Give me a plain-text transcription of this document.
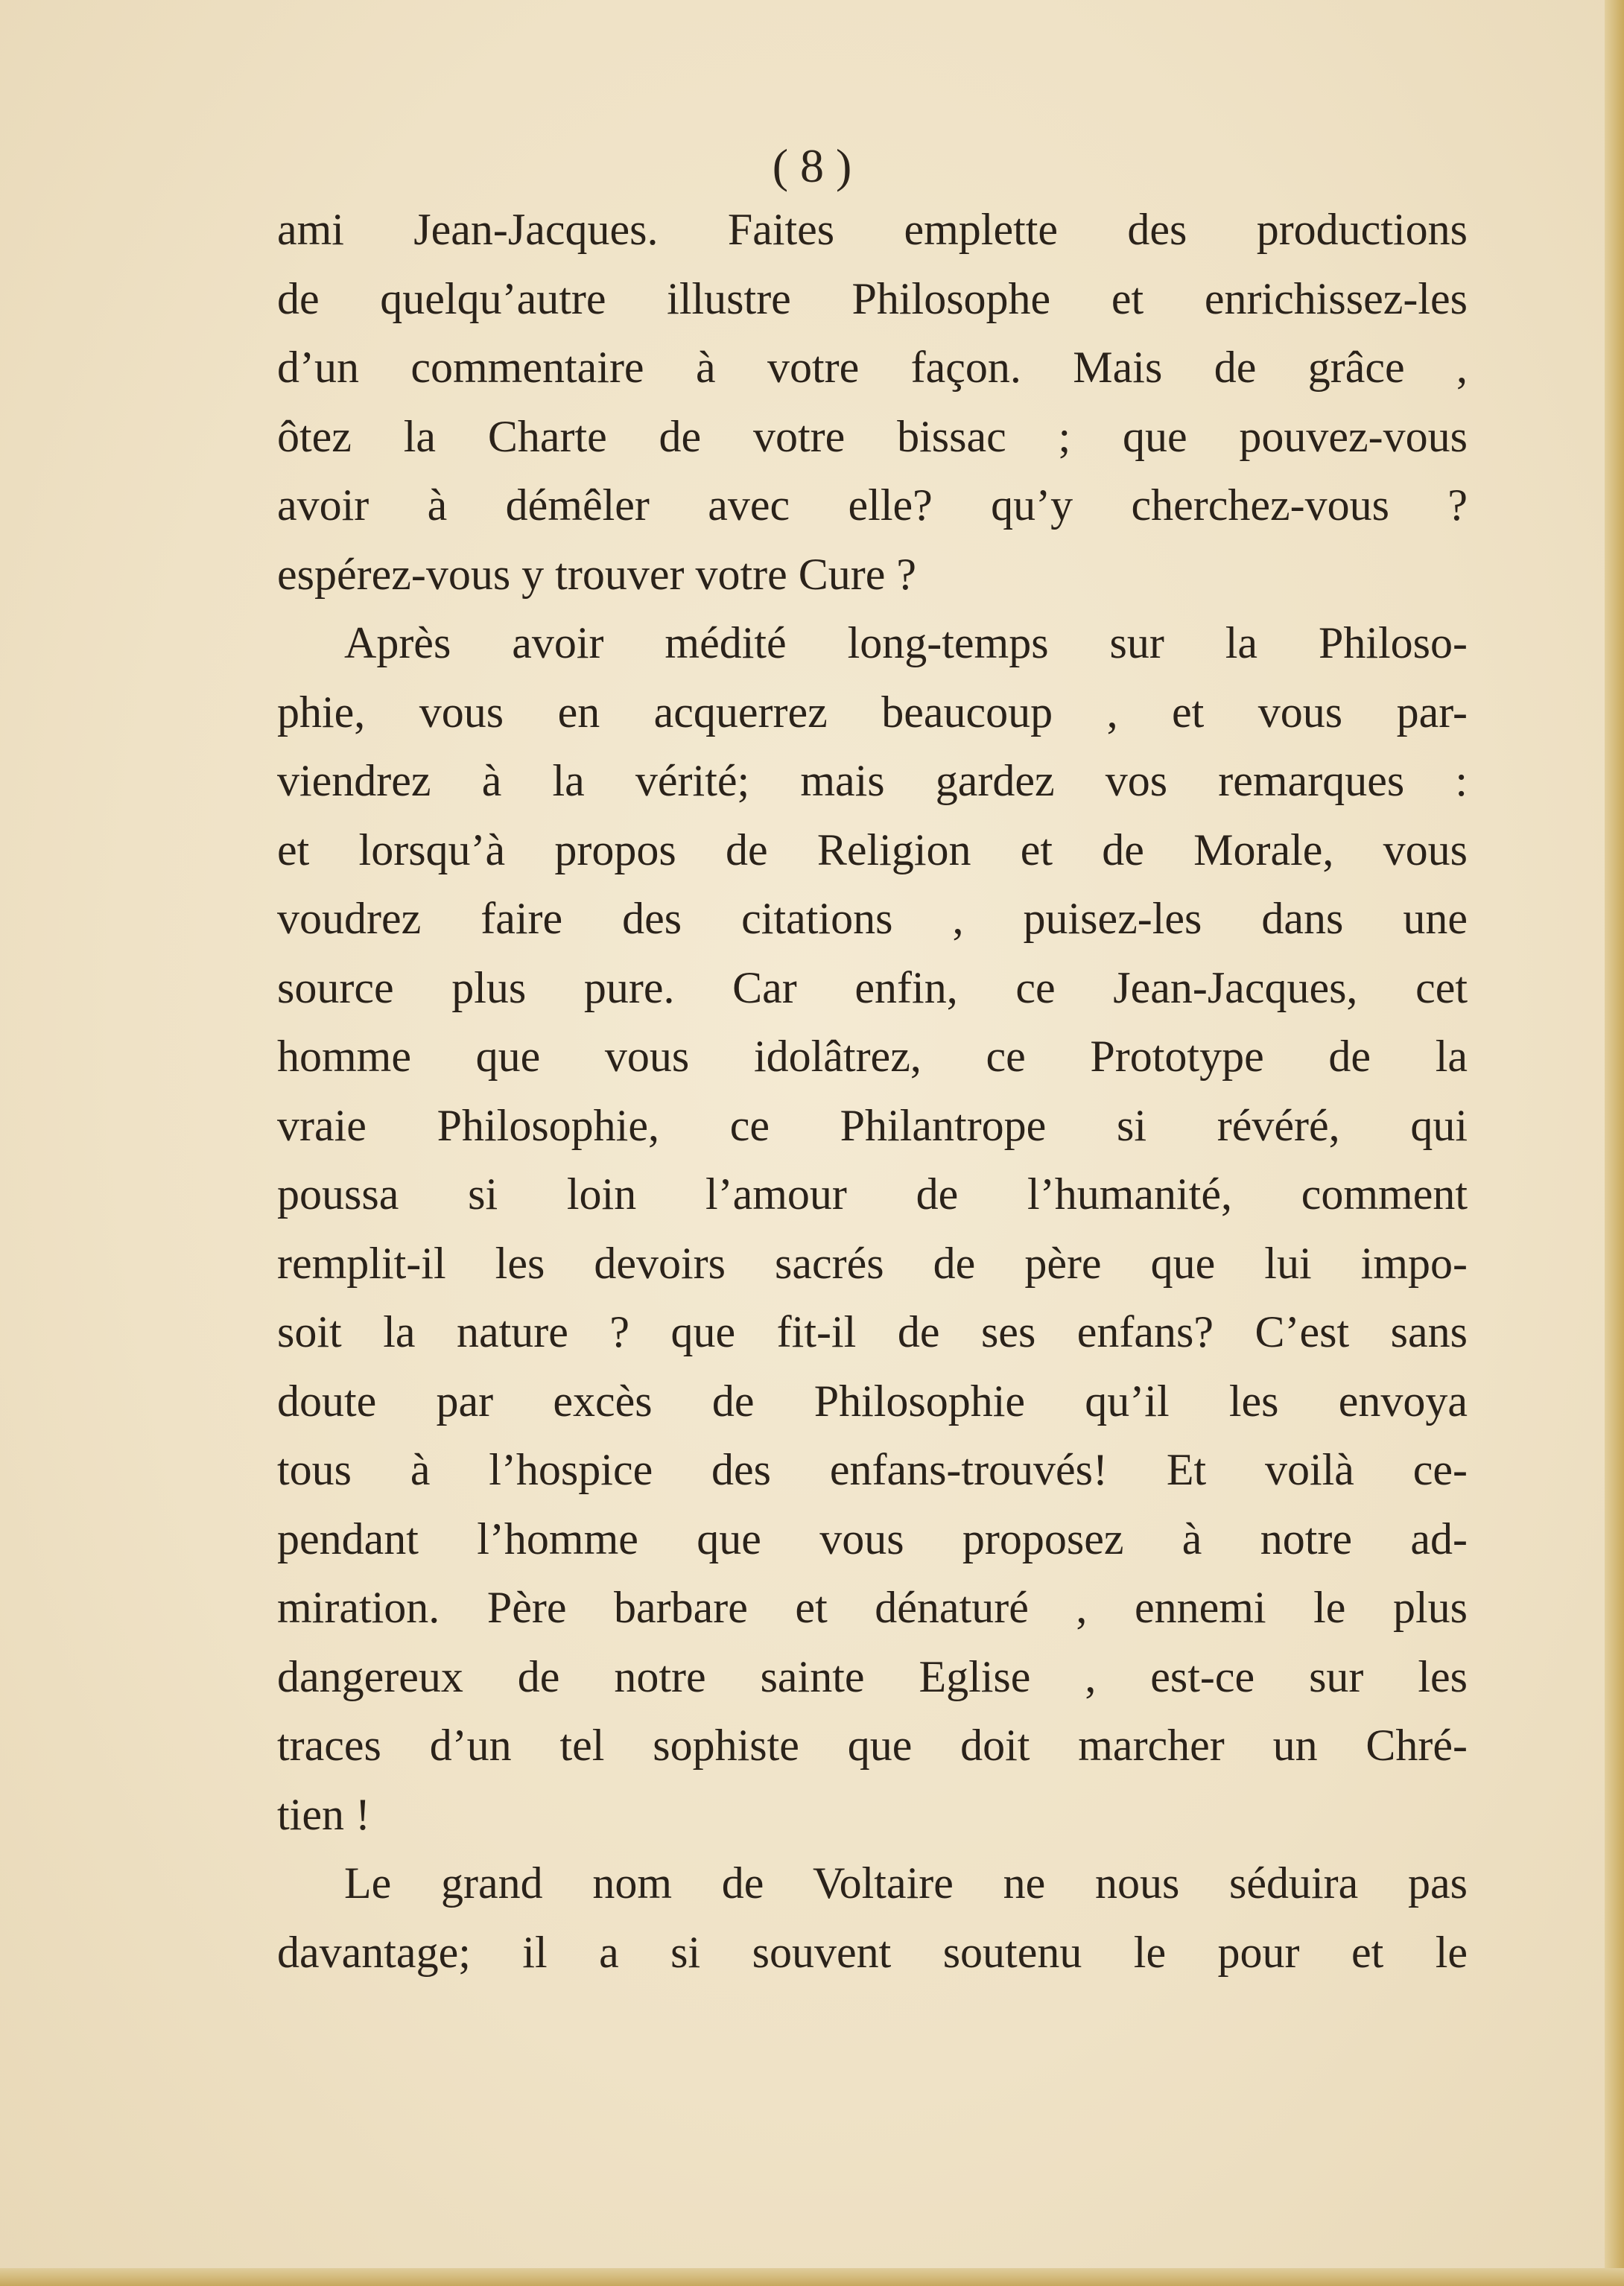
( 8 )
ami Jean-Jacques. Faites emplette des productions
de quelqu’autre illustre Philosophe et enrichissez-les
d’un commentaire à votre façon. Mais de grâce ,
ôtez la Charte de votre bissac ; que pouvez-vous
avoir à démêler avec elle? qu’y cherchez-vous ?
espérez-vous y trouver votre Cure ?
Après avoir médité long-temps sur la Philoso-
phie, vous en acquerrez beaucoup , et vous par-
viendrez à la vérité; mais gardez vos remarques :
et lorsqu’à propos de Religion et de Morale, vous
voudrez faire des citations , puisez-les dans une
source plus pure. Car enfin, ce Jean-Jacques, cet
homme que vous idolâtrez, ce Prototype de la
vraie Philosophie, ce Philantrope si révéré, qui
poussa si loin l’amour de l’humanité, comment
remplit-il les devoirs sacrés de père que lui impo-
soit la nature ? que fit-il de ses enfans? C’est sans
doute par excès de Philosophie qu’il les envoya
tous à l’hospice des enfans-trouvés! Et voilà ce-
pendant l’homme que vous proposez à notre ad-
miration. Père barbare et dénaturé , ennemi le plus
dangereux de notre sainte Eglise , est-ce sur les
traces d’un tel sophiste que doit marcher un Chré-
tien !
Le grand nom de Voltaire ne nous séduira pas
davantage; il a si souvent soutenu le pour et le
